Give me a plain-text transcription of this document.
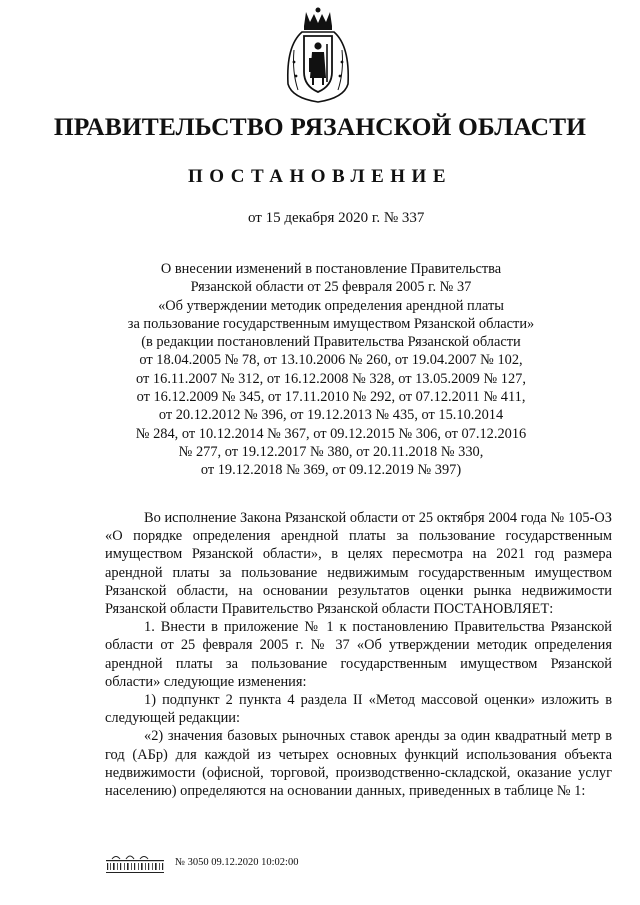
ПРАВИТЕЛЬСТВО РЯЗАНСКОЙ ОБЛАСТИ
ПОСТАНОВЛЕНИЕ
от 15 декабря 2020 г. № 337
О внесении изменений в постановление Правительства
Рязанской области от 25 февраля 2005 г. № 37
«Об утверждении методик определения арендной платы
за пользование государственным имуществом Рязанской области»
(в редакции постановлений Правительства Рязанской области
от 18.04.2005 № 78, от 13.10.2006 № 260, от 19.04.2007 № 102,
от 16.11.2007 № 312, от 16.12.2008 № 328, от 13.05.2009 № 127,
от 16.12.2009 № 345, от 17.11.2010 № 292, от 07.12.2011 № 411,
от 20.12.2012 № 396, от 19.12.2013 № 435, от 15.10.2014
№ 284, от 10.12.2014 № 367, от 09.12.2015 № 306, от 07.12.2016
№ 277, от 19.12.2017 № 380, от 20.11.2018 № 330,
от 19.12.2018 № 369, от 09.12.2019 № 397)

Во исполнение Закона Рязанской области от 25 октября 2004 года № 105-ОЗ «О порядке определения арендной платы за пользование государственным имуществом Рязанской области», в целях пересмотра на 2021 год размера арендной платы за пользование недвижимым государственным имуществом Рязанской области, на основании результатов оценки рынка недвижимости Рязанской области Правительство Рязанской области ПОСТАНОВЛЯЕТ:

1. Внести в приложение № 1 к постановлению Правительства Рязанской области от 25 февраля 2005 г. № 37 «Об утверждении методик определения арендной платы за пользование государственным имуществом Рязанской области» следующие изменения:

1) подпункт 2 пункта 4 раздела II «Метод массовой оценки» изложить в следующей редакции:

«2) значения базовых рыночных ставок аренды за один квадратный метр в год (АБр) для каждой из четырех основных функций использования объекта недвижимости (офисной, торговой, производственно-складской, оказание услуг населению) определяются на основании данных, приведенных в таблице № 1:

№ 3050 09.12.2020 10:02:00
